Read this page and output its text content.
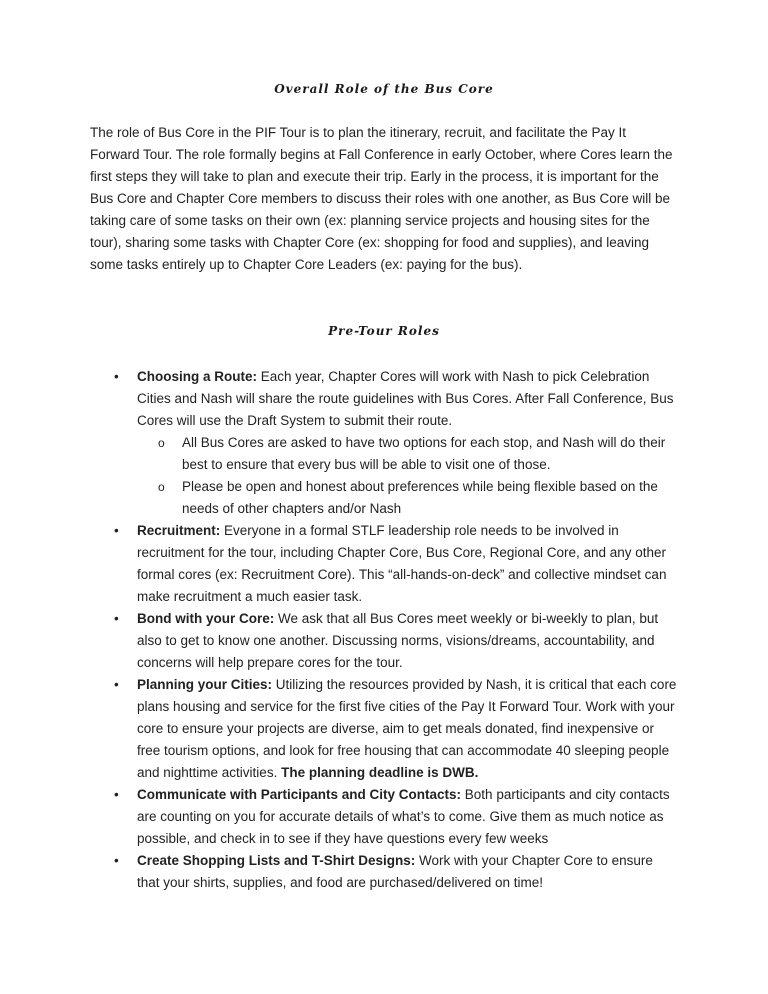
Overall Role of the Bus Core

The role of Bus Core in the PIF Tour is to plan the itinerary, recruit, and facilitate the Pay It Forward Tour. The role formally begins at Fall Conference in early October, where Cores learn the first steps they will take to plan and execute their trip. Early in the process, it is important for the Bus Core and Chapter Core members to discuss their roles with one another, as Bus Core will be taking care of some tasks on their own (ex: planning service projects and housing sites for the tour), sharing some tasks with Chapter Core (ex: shopping for food and supplies), and leaving some tasks entirely up to Chapter Core Leaders (ex: paying for the bus).

Pre-Tour Roles
• Choosing a Route: Each year, Chapter Cores will work with Nash to pick Celebration Cities and Nash will share the route guidelines with Bus Cores. After Fall Conference, Bus Cores will use the Draft System to submit their route.
o All Bus Cores are asked to have two options for each stop, and Nash will do their best to ensure that every bus will be able to visit one of those.
o Please be open and honest about preferences while being flexible based on the needs of other chapters and/or Nash
• Recruitment: Everyone in a formal STLF leadership role needs to be involved in recruitment for the tour, including Chapter Core, Bus Core, Regional Core, and any other formal cores (ex: Recruitment Core). This “all-hands-on-deck” and collective mindset can make recruitment a much easier task.
• Bond with your Core: We ask that all Bus Cores meet weekly or bi-weekly to plan, but also to get to know one another. Discussing norms, visions/dreams, accountability, and concerns will help prepare cores for the tour.
• Planning your Cities: Utilizing the resources provided by Nash, it is critical that each core plans housing and service for the first five cities of the Pay It Forward Tour. Work with your core to ensure your projects are diverse, aim to get meals donated, find inexpensive or free tourism options, and look for free housing that can accommodate 40 sleeping people and nighttime activities. The planning deadline is DWB.
• Communicate with Participants and City Contacts: Both participants and city contacts are counting on you for accurate details of what’s to come. Give them as much notice as possible, and check in to see if they have questions every few weeks
• Create Shopping Lists and T-Shirt Designs: Work with your Chapter Core to ensure that your shirts, supplies, and food are purchased/delivered on time!
